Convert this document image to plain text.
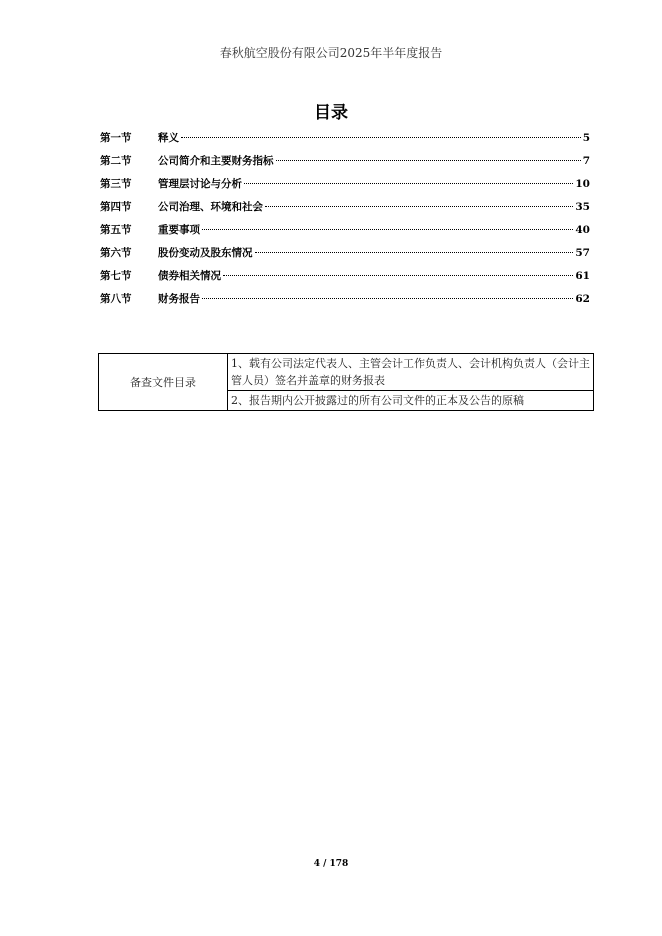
春秋航空股份有限公司2025年半年度报告
目录
第一节	释义	5
第二节	公司简介和主要财务指标	7
第三节	管理层讨论与分析	10
第四节	公司治理、环境和社会	35
第五节	重要事项	40
第六节	股份变动及股东情况	57
第七节	债券相关情况	61
第八节	财务报告	62
备查文件目录	1、载有公司法定代表人、主管会计工作负责人、会计机构负责人（会计主管人员）签名并盖章的财务报表
2、报告期内公开披露过的所有公司文件的正本及公告的原稿
4 / 178
